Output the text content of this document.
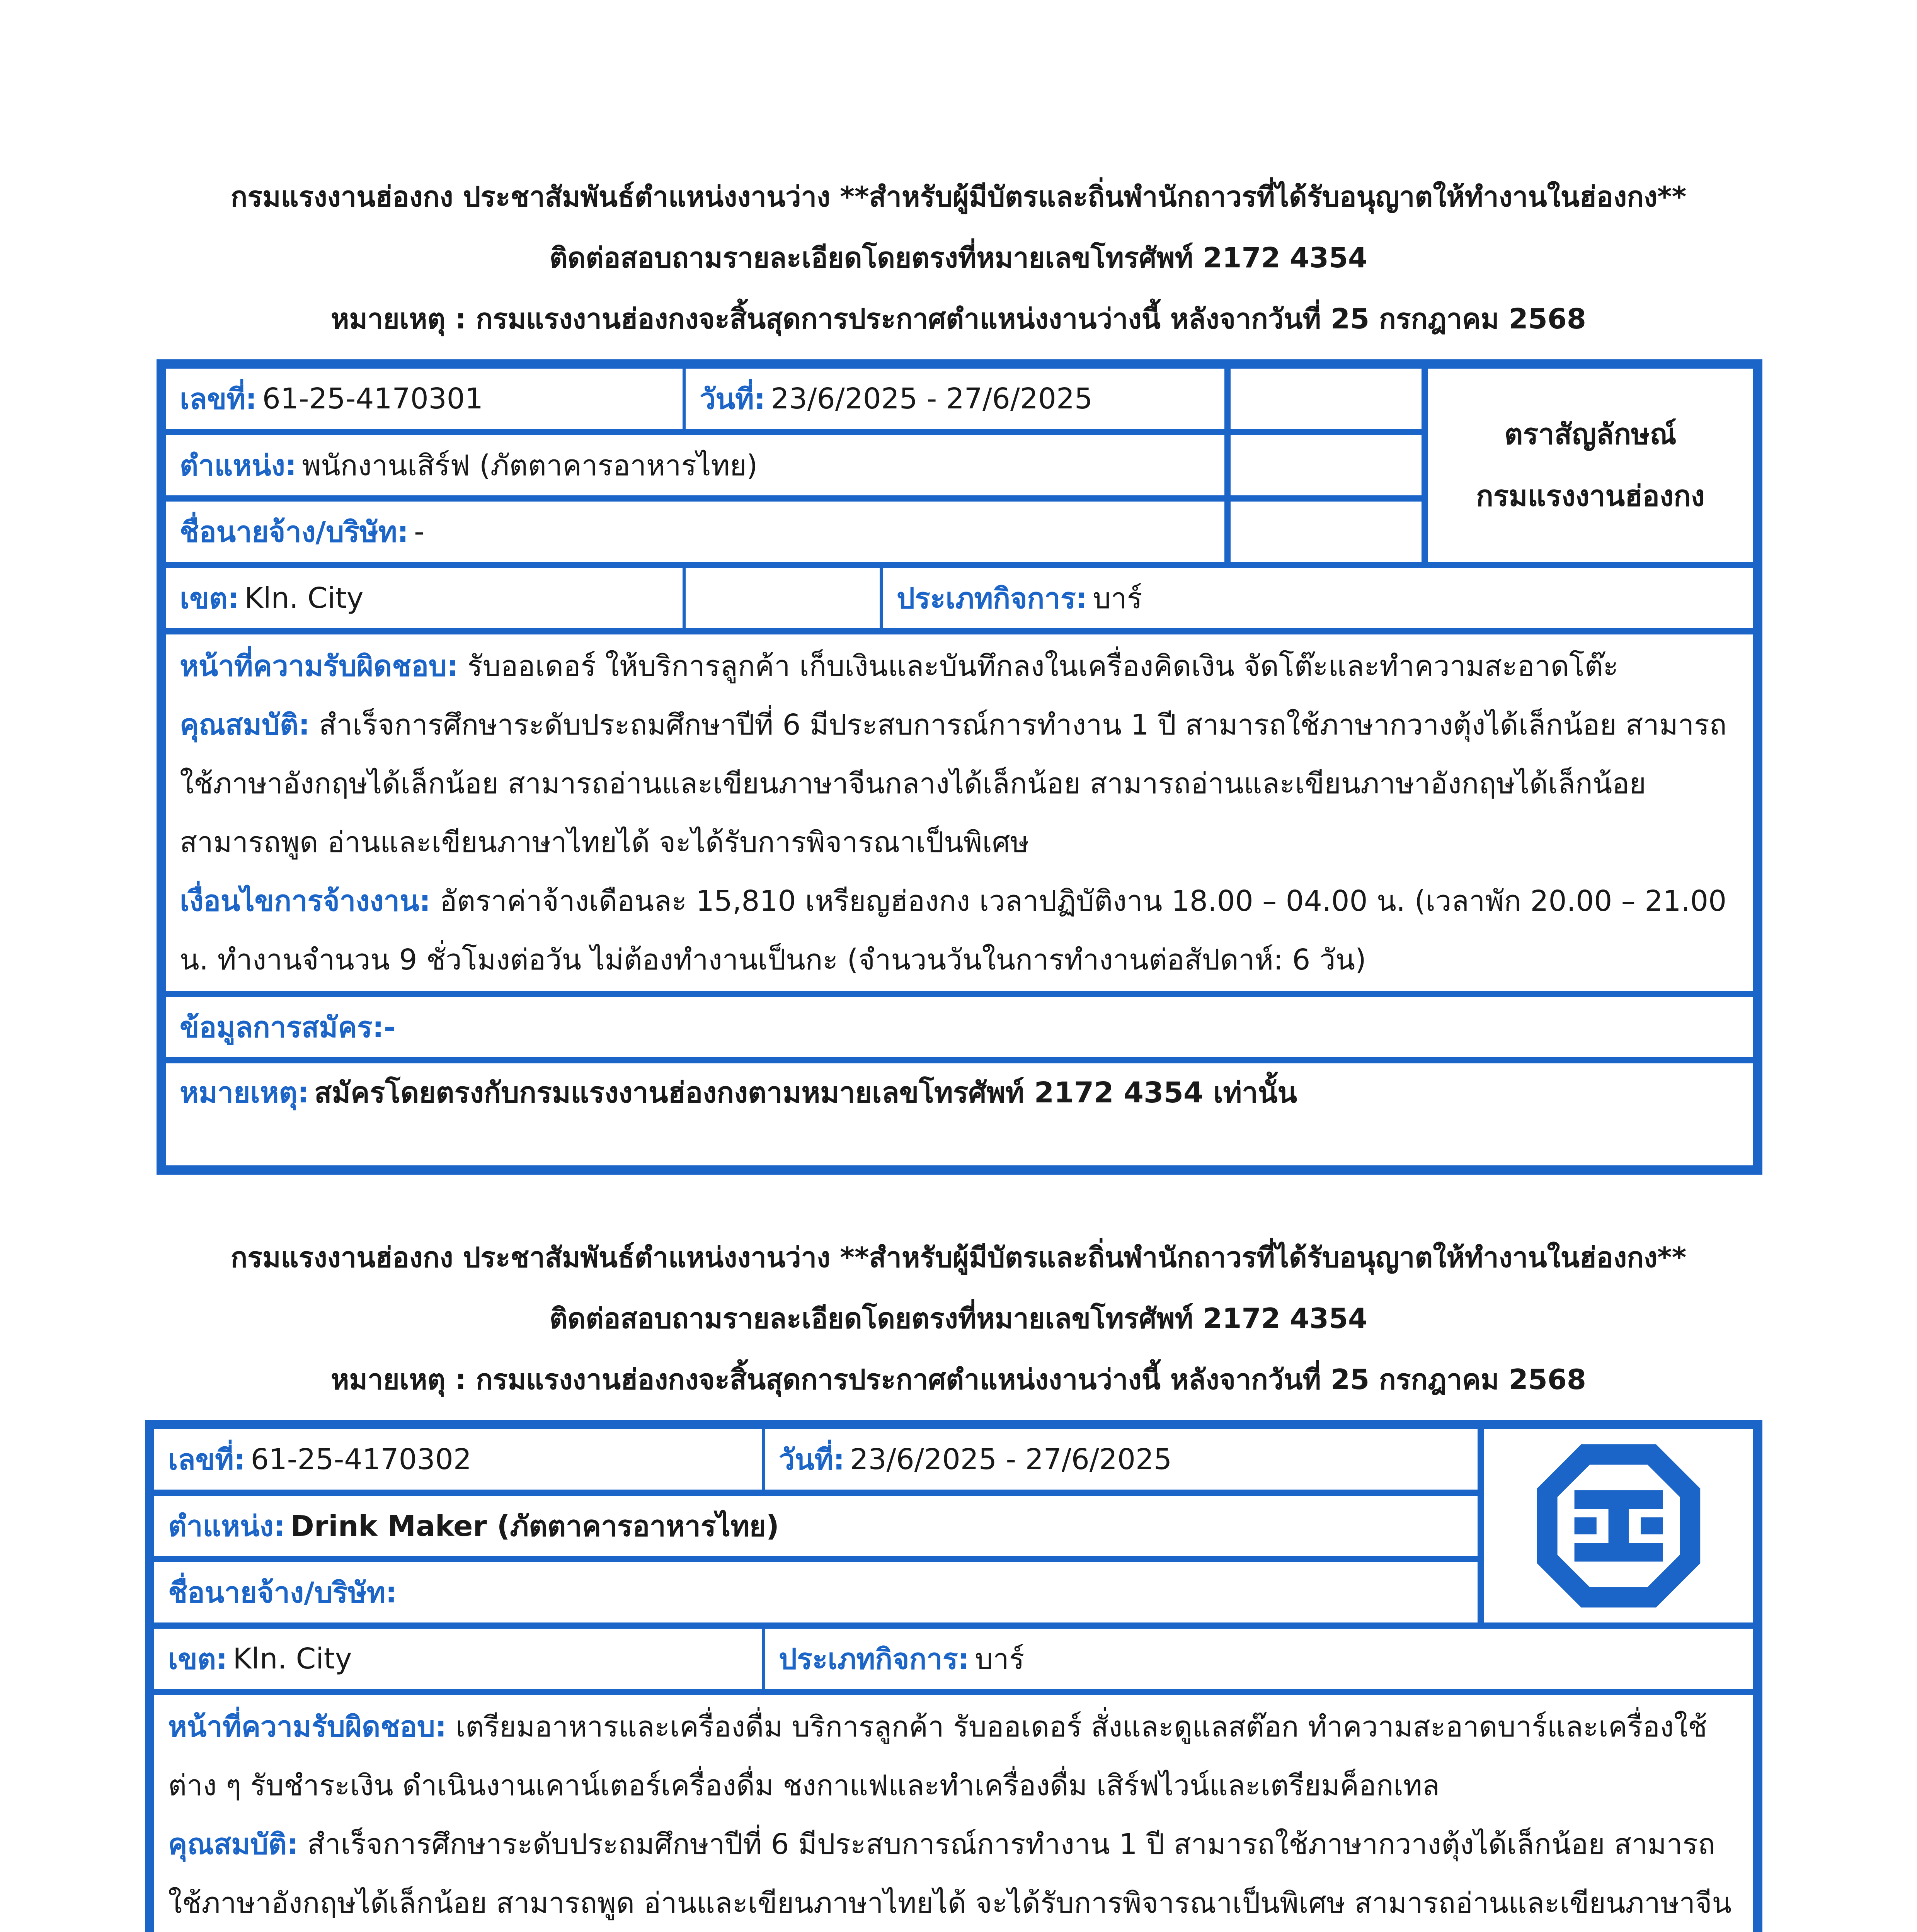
กรมแรงงานฮ่องกง ประชาสัมพันธ์ตำแหน่งงานว่าง **สำหรับผู้มีบัตรและถิ่นพำนักถาวรที่ได้รับอนุญาตให้ทำงานในฮ่องกง**
ติดต่อสอบถามรายละเอียดโดยตรงที่หมายเลขโทรศัพท์ 2172 4354
หมายเหตุ : กรมแรงงานฮ่องกงจะสิ้นสุดการประกาศตำแหน่งงานว่างนี้ หลังจากวันที่ 25 กรกฎาคม 2568
เลขที่: 61-25-4170301	วันที่: 23/6/2025 - 27/6/2025
ตำแหน่ง: พนักงานเสิร์ฟ (ภัตตาคารอาหารไทย)
ชื่อนายจ้าง/บริษัท: -
ตราสัญลักษณ์
กรมแรงงานฮ่องกง
เขต: Kln. City	ประเภทกิจการ: บาร์

หน้าที่ความรับผิดชอบ: รับออเดอร์ ให้บริการลูกค้า เก็บเงินและบันทึกลงในเครื่องคิดเงิน จัดโต๊ะและทำความสะอาดโต๊ะ

คุณสมบัติ: สำเร็จการศึกษาระดับประถมศึกษาปีที่ 6 มีประสบการณ์การทำงาน 1 ปี สามารถใช้ภาษากวางตุ้งได้เล็กน้อย สามารถใช้ภาษาอังกฤษได้เล็กน้อย สามารถอ่านและเขียนภาษาจีนกลางได้เล็กน้อย สามารถอ่านและเขียนภาษาอังกฤษได้เล็กน้อย สามารถพูด อ่านและเขียนภาษาไทยได้ จะได้รับการพิจารณาเป็นพิเศษ

เงื่อนไขการจ้างงาน: อัตราค่าจ้างเดือนละ 15,810 เหรียญฮ่องกง เวลาปฏิบัติงาน 18.00 – 04.00 น. (เวลาพัก 20.00 – 21.00 น. ทำงานจำนวน 9 ชั่วโมงต่อวัน ไม่ต้องทำงานเป็นกะ (จำนวนวันในการทำงานต่อสัปดาห์: 6 วัน)

ข้อมูลการสมัคร:-
หมายเหตุ: สมัครโดยตรงกับกรมแรงงานฮ่องกงตามหมายเลขโทรศัพท์ 2172 4354 เท่านั้น
กรมแรงงานฮ่องกง ประชาสัมพันธ์ตำแหน่งงานว่าง **สำหรับผู้มีบัตรและถิ่นพำนักถาวรที่ได้รับอนุญาตให้ทำงานในฮ่องกง**
ติดต่อสอบถามรายละเอียดโดยตรงที่หมายเลขโทรศัพท์ 2172 4354
หมายเหตุ : กรมแรงงานฮ่องกงจะสิ้นสุดการประกาศตำแหน่งงานว่างนี้ หลังจากวันที่ 25 กรกฎาคม 2568
เลขที่: 61-25-4170302	วันที่: 23/6/2025 - 27/6/2025
ตำแหน่ง: Drink Maker (ภัตตาคารอาหารไทย)
ชื่อนายจ้าง/บริษัท:
เขต: Kln. City	ประเภทกิจการ: บาร์

หน้าที่ความรับผิดชอบ: เตรียมอาหารและเครื่องดื่ม บริการลูกค้า รับออเดอร์ สั่งและดูแลสต๊อก ทำความสะอาดบาร์และเครื่องใช้ต่าง ๆ รับชำระเงิน ดำเนินงานเคาน์เตอร์เครื่องดื่ม ชงกาแฟและทำเครื่องดื่ม เสิร์ฟไวน์และเตรียมค็อกเทล

คุณสมบัติ: สำเร็จการศึกษาระดับประถมศึกษาปีที่ 6 มีประสบการณ์การทำงาน 1 ปี สามารถใช้ภาษากวางตุ้งได้เล็กน้อย สามารถใช้ภาษาอังกฤษได้เล็กน้อย สามารถพูด อ่านและเขียนภาษาไทยได้ จะได้รับการพิจารณาเป็นพิเศษ สามารถอ่านและเขียนภาษาจีน
